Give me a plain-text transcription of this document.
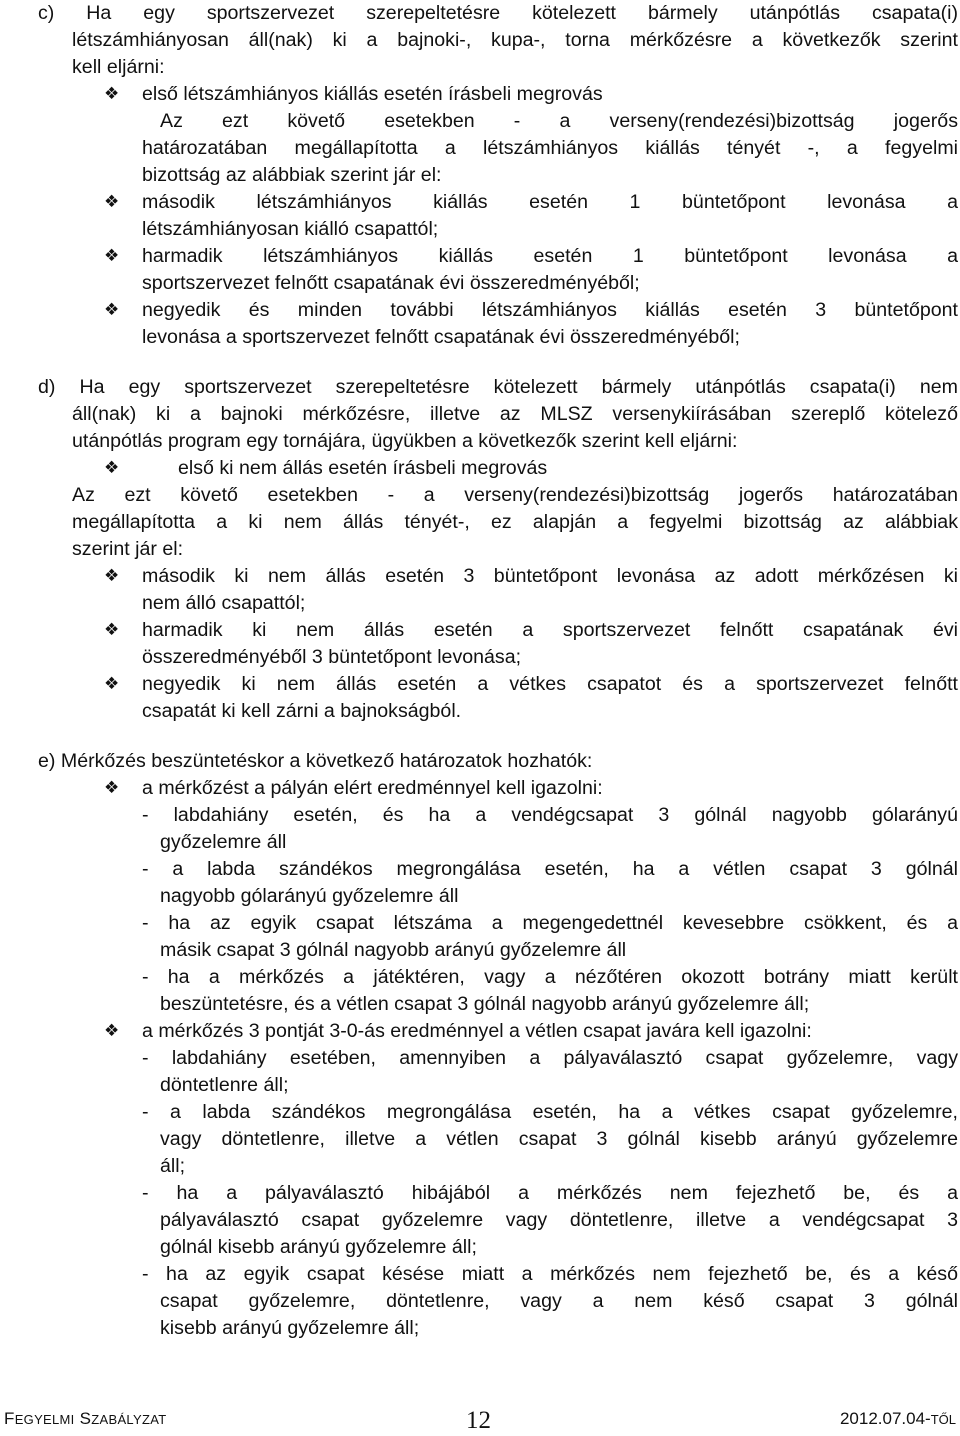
c) Ha egy sportszervezet szerepeltetésre kötelezett bármely utánpótlás csapata(i)
létszámhiányosan áll(nak) ki a bajnoki-, kupa-, torna mérkőzésre a következők szerint
kell eljárni:
❖ első létszámhiányos kiállás esetén írásbeli megrovás
Az ezt követő esetekben - a verseny(rendezési)bizottság jogerős
határozatában megállapította a létszámhiányos kiállás tényét -, a fegyelmi
bizottság az alábbiak szerint jár el:
❖ második létszámhiányos kiállás esetén 1 büntetőpont levonása a
létszámhiányosan kiálló csapattól;
❖ harmadik létszámhiányos kiállás esetén 1 büntetőpont levonása a
sportszervezet felnőtt csapatának évi összeredményéből;
❖ negyedik és minden további létszámhiányos kiállás esetén 3 büntetőpont
levonása a sportszervezet felnőtt csapatának évi összeredményéből;
d) Ha egy sportszervezet szerepeltetésre kötelezett bármely utánpótlás csapata(i) nem
áll(nak) ki a bajnoki mérkőzésre, illetve az MLSZ versenykiírásában szereplő kötelező
utánpótlás program egy tornájára, ügyükben a következők szerint kell eljárni:
❖	első ki nem állás esetén írásbeli megrovás
Az ezt követő esetekben - a verseny(rendezési)bizottság jogerős határozatában
megállapította a ki nem állás tényét-, ez alapján a fegyelmi bizottság az alábbiak
szerint jár el:
❖ második ki nem állás esetén 3 büntetőpont levonása az adott mérkőzésen ki
nem álló csapattól;
❖ harmadik ki nem állás esetén a sportszervezet felnőtt csapatának évi
összeredményéből 3 büntetőpont levonása;
❖ negyedik ki nem állás esetén a vétkes csapatot és a sportszervezet felnőtt
csapatát ki kell zárni a bajnokságból.
e) Mérkőzés beszüntetéskor a következő határozatok hozhatók:
❖ a mérkőzést a pályán elért eredménnyel kell igazolni:
- labdahiány esetén, és ha a vendégcsapat 3 gólnál nagyobb gólarányú
győzelemre áll
- a labda szándékos megrongálása esetén, ha a vétlen csapat 3 gólnál
nagyobb gólarányú győzelemre áll
- ha az egyik csapat létszáma a megengedettnél kevesebbre csökkent, és a
másik csapat 3 gólnál nagyobb arányú győzelemre áll
- ha a mérkőzés a játéktéren, vagy a nézőtéren okozott botrány miatt került
beszüntetésre, és a vétlen csapat 3 gólnál nagyobb arányú győzelemre áll;
❖ a mérkőzés 3 pontját 3-0-ás eredménnyel a vétlen csapat javára kell igazolni:
- labdahiány esetében, amennyiben a pályaválasztó csapat győzelemre, vagy
döntetlenre áll;
- a labda szándékos megrongálása esetén, ha a vétkes csapat győzelemre,
vagy döntetlenre, illetve a vétlen csapat 3 gólnál kisebb arányú győzelemre
áll;
- ha a pályaválasztó hibájából a mérkőzés nem fejezhető be, és a
pályaválasztó csapat győzelemre vagy döntetlenre, illetve a vendégcsapat 3
gólnál kisebb arányú győzelemre áll;
- ha az egyik csapat késése miatt a mérkőzés nem fejezhető be, és a késő
csapat győzelemre, döntetlenre, vagy a nem késő csapat 3 gólnál
kisebb arányú győzelemre áll;
FEGYELMI SZABÁLYZAT	12	2012.07.04-TŐL
